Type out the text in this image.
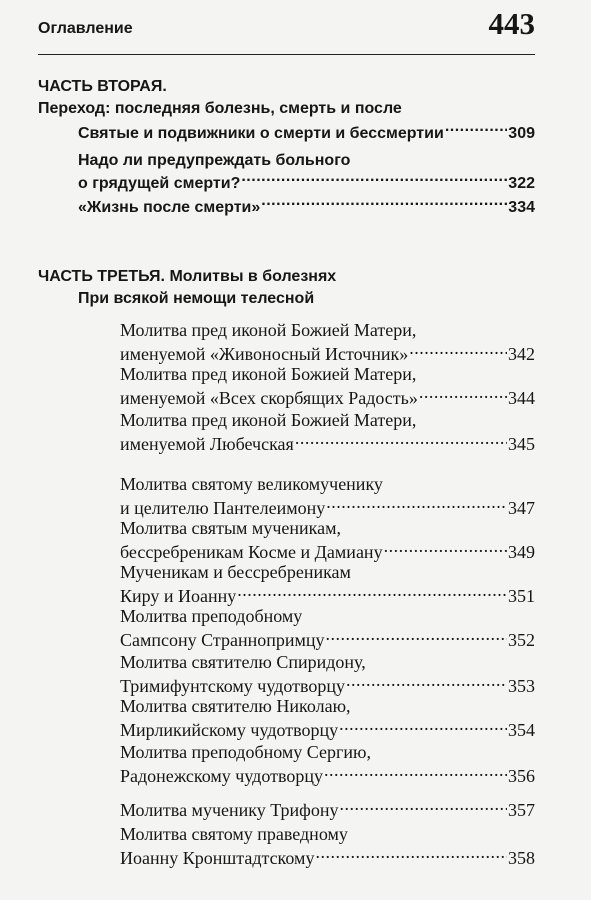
Оглавление	443
ЧАСТЬ ВТОРАЯ.
Переход: последняя болезнь, смерть и после
Святые и подвижники о смерти и бессмертии .....	309
Надо ли предупреждать больного
о грядущей смерти? .....	322
«Жизнь после смерти» .....	334
ЧАСТЬ ТРЕТЬЯ. Молитвы в болезнях
При всякой немощи телесной
Молитва пред иконой Божией Матери,
именуемой «Живоносный Источник» .....	342
Молитва пред иконой Божией Матери,
именуемой «Всех скорбящих Радость» .....	344
Молитва пред иконой Божией Матери,
именуемой Любечская .....	345
Молитва святому великомученику
и целителю Пантелеимону .....	347
Молитва святым мученикам,
бессребреникам Косме и Дамиану .....	349
Мученикам и бессребреникам
Киру и Иоанну .....	351
Молитва преподобному
Сампсону Страннопримцу .....	352
Молитва святителю Спиридону,
Тримифунтскому чудотворцу .....	353
Молитва святителю Николаю,
Мирликийскому чудотворцу .....	354
Молитва преподобному Сергию,
Радонежскому чудотворцу .....	356
Молитва мученику Трифону .....	357
Молитва святому праведному
Иоанну Кронштадтскому .....	358
